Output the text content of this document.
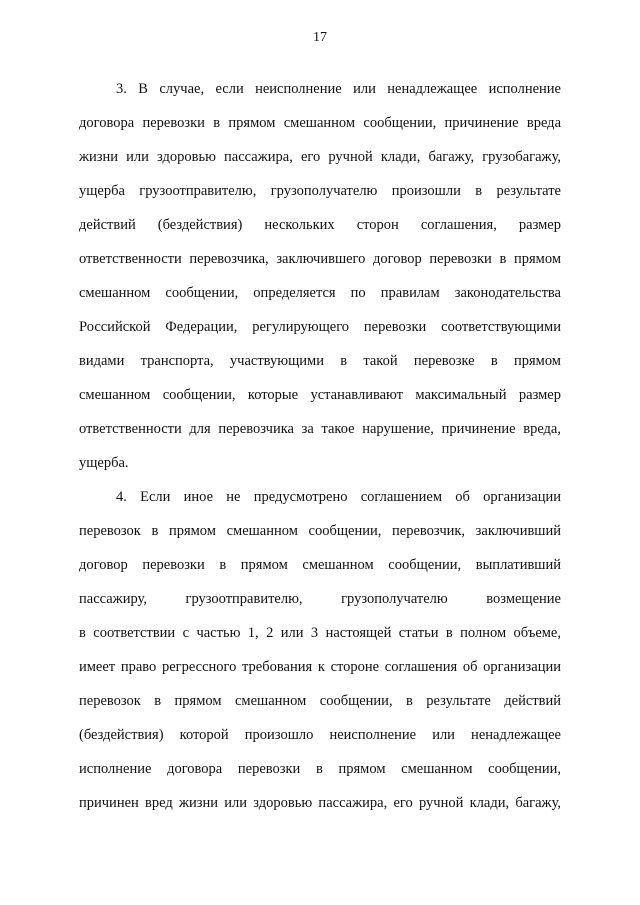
17
3. В случае, если неисполнение или ненадлежащее исполнение
договора перевозки в прямом смешанном сообщении, причинение вреда
жизни или здоровью пассажира, его ручной клади, багажу, грузобагажу,
ущерба грузоотправителю, грузополучателю произошли в результате
действий (бездействия) нескольких сторон соглашения, размер
ответственности перевозчика, заключившего договор перевозки в прямом
смешанном сообщении, определяется по правилам законодательства
Российской Федерации, регулирующего перевозки соответствующими
видами транспорта, участвующими в такой перевозке в прямом
смешанном сообщении, которые устанавливают максимальный размер
ответственности для перевозчика за такое нарушение, причинение вреда,
ущерба.
4. Если иное не предусмотрено соглашением об организации
перевозок в прямом смешанном сообщении, перевозчик, заключивший
договор перевозки в прямом смешанном сообщении, выплативший
пассажиру, грузоотправителю, грузополучателю возмещение
в соответствии с частью 1, 2 или 3 настоящей статьи в полном объеме,
имеет право регрессного требования к стороне соглашения об организации
перевозок в прямом смешанном сообщении, в результате действий
(бездействия) которой произошло неисполнение или ненадлежащее
исполнение договора перевозки в прямом смешанном сообщении,
причинен вред жизни или здоровью пассажира, его ручной клади, багажу,
